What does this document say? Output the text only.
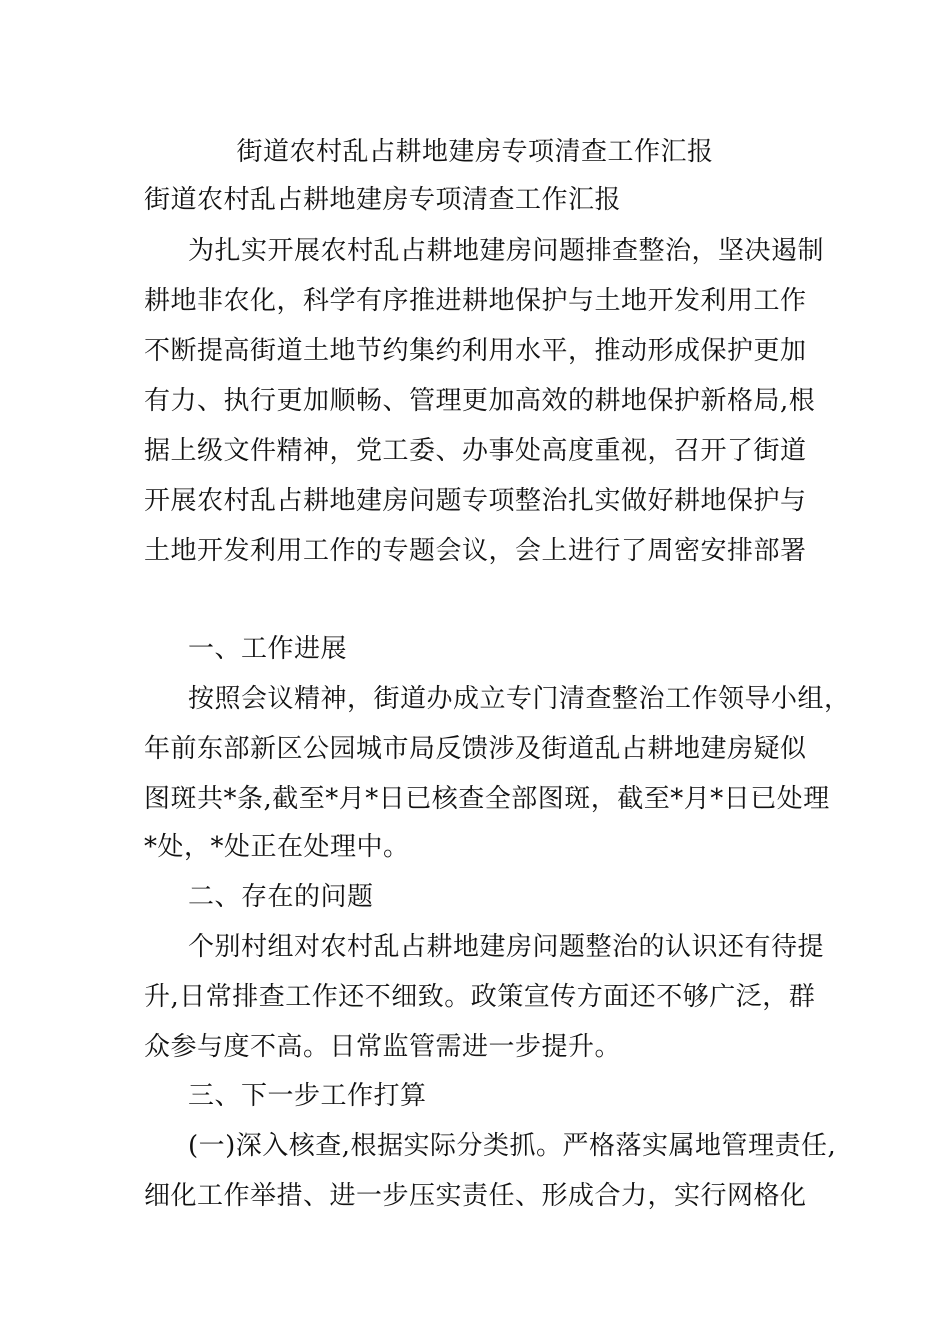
街道农村乱占耕地建房专项清查工作汇报
街道农村乱占耕地建房专项清查工作汇报
为扎实开展农村乱占耕地建房问题排查整治，坚决遏制
耕地非农化，科学有序推进耕地保护与土地开发利用工作
不断提高街道土地节约集约利用水平，推动形成保护更加
有力、执行更加顺畅、管理更加高效的耕地保护新格局,根
据上级文件精神，党工委、办事处高度重视，召开了街道
开展农村乱占耕地建房问题专项整治扎实做好耕地保护与
土地开发利用工作的专题会议，会上进行了周密安排部署
一、工作进展
按照会议精神，街道办成立专门清查整治工作领导小组，
年前东部新区公园城市局反馈涉及街道乱占耕地建房疑似
图斑共*条,截至*月*日已核查全部图斑，截至*月*日已处理
*处，*处正在处理中。
二、存在的问题
个别村组对农村乱占耕地建房问题整治的认识还有待提
升,日常排查工作还不细致。政策宣传方面还不够广泛，群
众参与度不高。日常监管需进一步提升。
三、下一步工作打算
(一)深入核查,根据实际分类抓。严格落实属地管理责任,
细化工作举措、进一步压实责任、形成合力，实行网格化
